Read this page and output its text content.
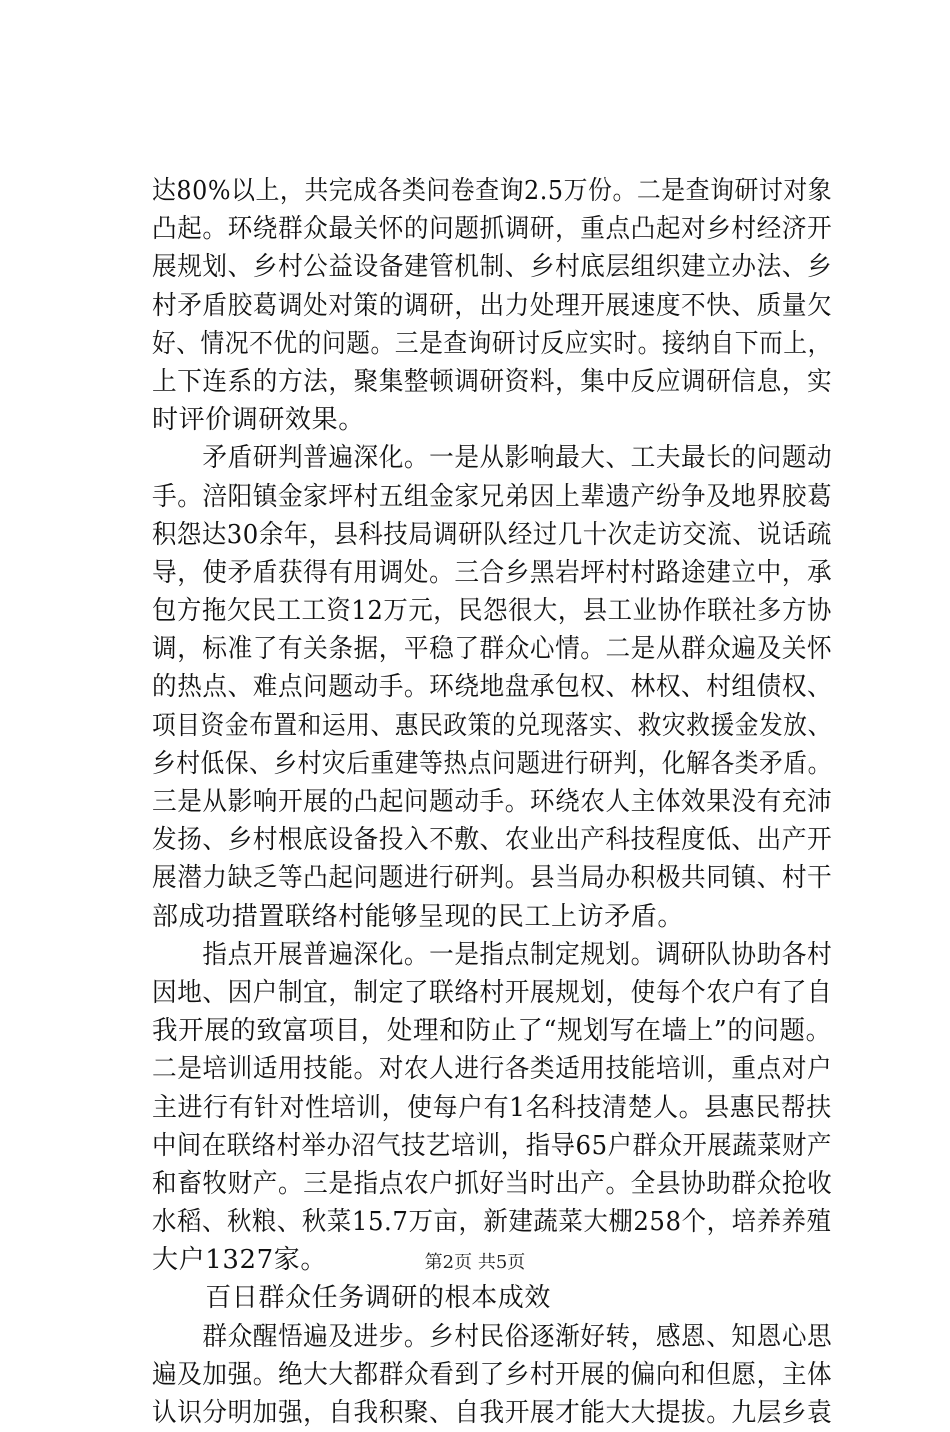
达80%以上，共完成各类问卷查询2.5万份。二是查询研讨对象
凸起。环绕群众最关怀的问题抓调研，重点凸起对乡村经济开
展规划、乡村公益设备建管机制、乡村底层组织建立办法、乡
村矛盾胶葛调处对策的调研，出力处理开展速度不快、质量欠
好、情况不优的问题。三是查询研讨反应实时。接纳自下而上，
上下连系的方法，聚集整顿调研资料，集中反应调研信息，实
时评价调研效果。
　　矛盾研判普遍深化。一是从影响最大、工夫最长的问题动
手。涪阳镇金家坪村五组金家兄弟因上辈遗产纷争及地界胶葛
积怨达30余年，县科技局调研队经过几十次走访交流、说话疏
导，使矛盾获得有用调处。三合乡黑岩坪村村路途建立中，承
包方拖欠民工工资12万元，民怨很大，县工业协作联社多方协
调，标准了有关条据，平稳了群众心情。二是从群众遍及关怀
的热点、难点问题动手。环绕地盘承包权、林权、村组债权、
项目资金布置和运用、惠民政策的兑现落实、救灾救援金发放、
乡村低保、乡村灾后重建等热点问题进行研判，化解各类矛盾。
三是从影响开展的凸起问题动手。环绕农人主体效果没有充沛
发扬、乡村根底设备投入不敷、农业出产科技程度低、出产开
展潜力缺乏等凸起问题进行研判。县当局办积极共同镇、村干
部成功措置联络村能够呈现的民工上访矛盾。
　　指点开展普遍深化。一是指点制定规划。调研队协助各村
因地、因户制宜，制定了联络村开展规划，使每个农户有了自
我开展的致富项目，处理和防止了“规划写在墙上”的问题。
二是培训适用技能。对农人进行各类适用技能培训，重点对户
主进行有针对性培训，使每户有1名科技清楚人。县惠民帮扶
中间在联络村举办沼气技艺培训，指导65户群众开展蔬菜财产
和畜牧财产。三是指点农户抓好当时出产。全县协助群众抢收
水稻、秋粮、秋菜15.7万亩，新建蔬菜大棚258个，培养养殖
大户1327家。
　　百日群众任务调研的根本成效
　　群众醒悟遍及进步。乡村民俗逐渐好转，感恩、知恩心思
遍及加强。绝大大都群众看到了乡村开展的偏向和但愿，主体
认识分明加强，自我积聚、自我开展才能大大提拔。九层乡袁
第2页 共5页
